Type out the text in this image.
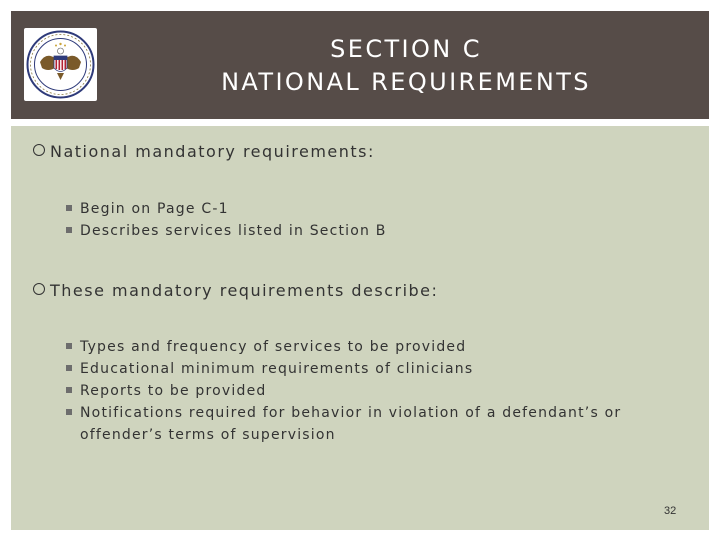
SECTION C
NATIONAL REQUIREMENTS
National mandatory requirements:
Begin on Page C-1
Describes services listed in Section B
These mandatory requirements describe:
Types and frequency of services to be provided
Educational minimum requirements of clinicians
Reports to be provided
Notifications required for behavior in violation of a defendant’s or offender’s terms of supervision
32
